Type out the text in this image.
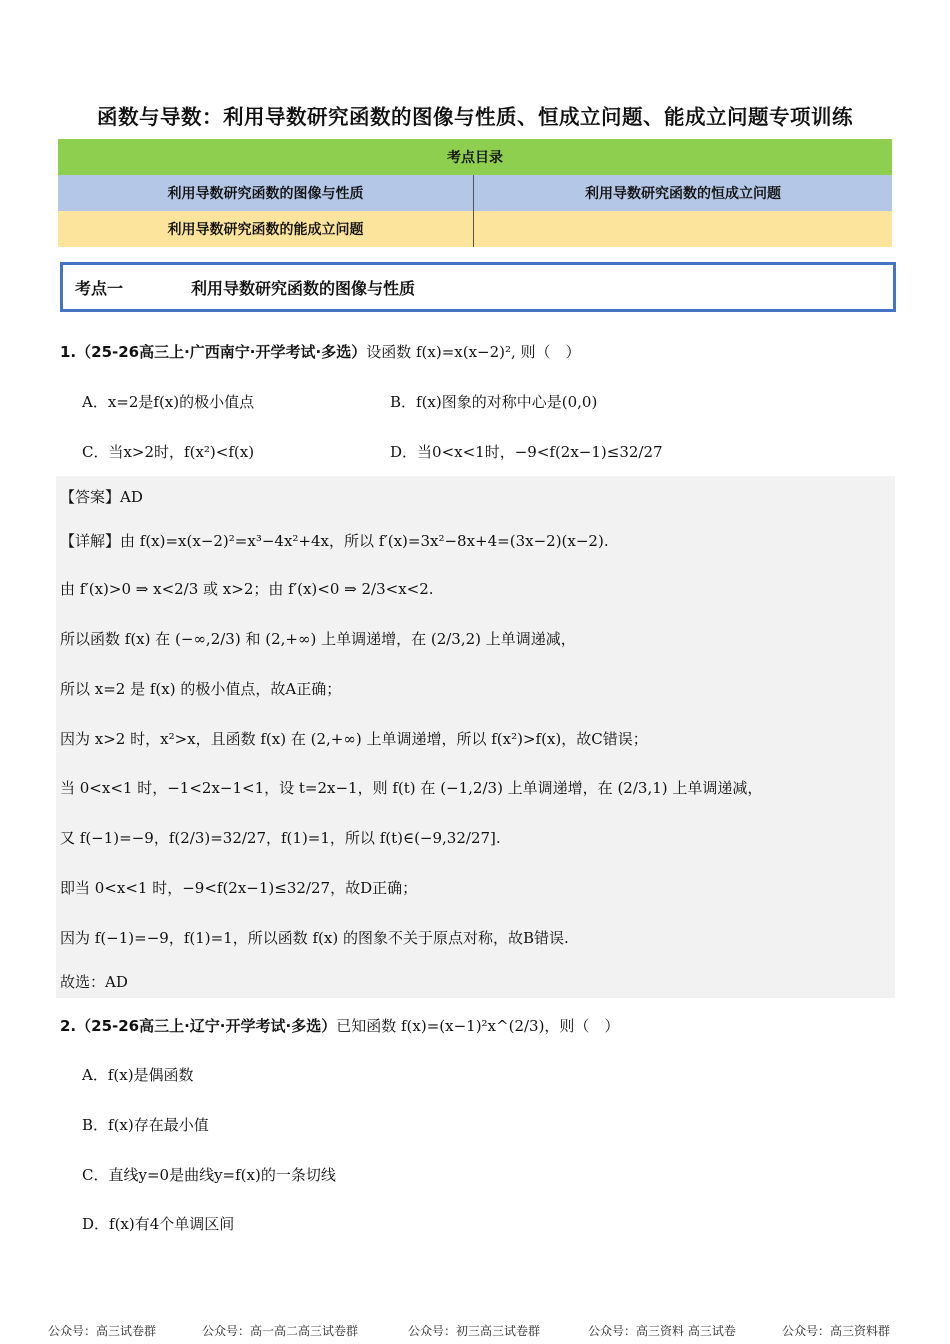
函数与导数：利用导数研究函数的图像与性质、恒成立问题、能成立问题专项训练
考点目录	
利用导数研究函数的图像与性质	利用导数研究函数的恒成立问题
利用导数研究函数的能成立问题	
考点一	利用导数研究函数的图像与性质
1.（25-26高三上·广西南宁·开学考试·多选）设函数 f(x)=x(x−2)², 则（　）
A．x=2是f(x)的极小值点	B．f(x)图象的对称中心是(0,0)
C．当x>2时，f(x²)<f(x)	D．当0<x<1时，−9<f(2x−1)≤32/27
【答案】AD
【详解】由 f(x)=x(x−2)²=x³−4x²+4x，所以 f′(x)=3x²−8x+4=(3x−2)(x−2).
由 f′(x)>0 ⇒ x<2/3 或 x>2；由 f′(x)<0 ⇒ 2/3<x<2.
所以函数 f(x) 在 (−∞,2/3) 和 (2,+∞) 上单调递增，在 (2/3,2) 上单调递减，
所以 x=2 是 f(x) 的极小值点，故A正确；
因为 x>2 时，x²>x，且函数 f(x) 在 (2,+∞) 上单调递增，所以 f(x²)>f(x)，故C错误；
当 0<x<1 时，−1<2x−1<1，设 t=2x−1，则 f(t) 在 (−1,2/3) 上单调递增，在 (2/3,1) 上单调递减，
又 f(−1)=−9，f(2/3)=32/27，f(1)=1，所以 f(t)∈(−9,32/27].
即当 0<x<1 时，−9<f(2x−1)≤32/27，故D正确；
因为 f(−1)=−9，f(1)=1，所以函数 f(x) 的图象不关于原点对称，故B错误.
故选：AD
2.（25-26高三上·辽宁·开学考试·多选）已知函数 f(x)=(x−1)²x^(2/3)，则（　）
A．f(x)是偶函数
B．f(x)存在最小值
C．直线y=0是曲线y=f(x)的一条切线
D．f(x)有4个单调区间
公众号：高三试卷群	公众号：高一高二高三试卷群	公众号：初三高三试卷群	公众号：高三资料 高三试卷	公众号：高三资料群
